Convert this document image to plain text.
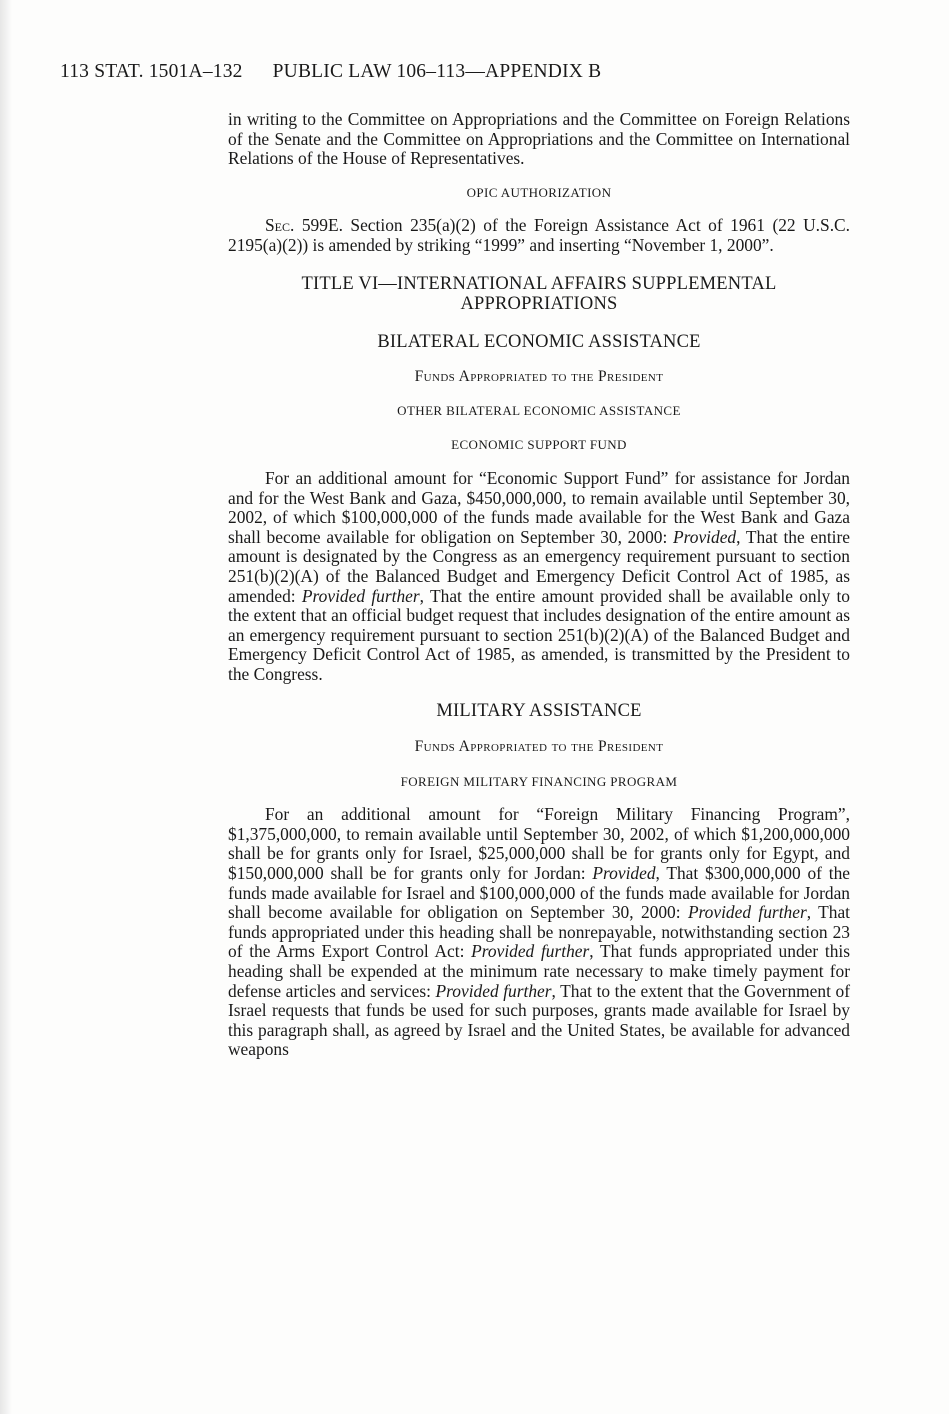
113 STAT. 1501A–132 PUBLIC LAW 106–113—APPENDIX B

in writing to the Committee on Appropriations and the Committee on Foreign Relations of the Senate and the Committee on Appropriations and the Committee on International Relations of the House of Representatives.

OPIC AUTHORIZATION

Sec. 599E. Section 235(a)(2) of the Foreign Assistance Act of 1961 (22 U.S.C. 2195(a)(2)) is amended by striking “1999” and inserting “November 1, 2000”.

TITLE VI—INTERNATIONAL AFFAIRS SUPPLEMENTAL

APPROPRIATIONS

BILATERAL ECONOMIC ASSISTANCE

Funds Appropriated to the President

OTHER BILATERAL ECONOMIC ASSISTANCE

ECONOMIC SUPPORT FUND

For an additional amount for “Economic Support Fund” for assistance for Jordan and for the West Bank and Gaza, $450,000,000, to remain available until September 30, 2002, of which $100,000,000 of the funds made available for the West Bank and Gaza shall become available for obligation on September 30, 2000: Provided, That the entire amount is designated by the Congress as an emergency requirement pursuant to section 251(b)(2)(A) of the Balanced Budget and Emergency Deficit Control Act of 1985, as amended: Provided further, That the entire amount provided shall be available only to the extent that an official budget request that includes designation of the entire amount as an emergency requirement pursuant to section 251(b)(2)(A) of the Balanced Budget and Emergency Deficit Control Act of 1985, as amended, is transmitted by the President to the Congress.

MILITARY ASSISTANCE

Funds Appropriated to the President

FOREIGN MILITARY FINANCING PROGRAM

For an additional amount for “Foreign Military Financing Program”, $1,375,000,000, to remain available until September 30, 2002, of which $1,200,000,000 shall be for grants only for Israel, $25,000,000 shall be for grants only for Egypt, and $150,000,000 shall be for grants only for Jordan: Provided, That $300,000,000 of the funds made available for Israel and $100,000,000 of the funds made available for Jordan shall become available for obligation on September 30, 2000: Provided further, That funds appropriated under this heading shall be nonrepayable, notwithstanding section 23 of the Arms Export Control Act: Provided further, That funds appropriated under this heading shall be expended at the minimum rate necessary to make timely payment for defense articles and services: Provided further, That to the extent that the Government of Israel requests that funds be used for such purposes, grants made available for Israel by this paragraph shall, as agreed by Israel and the United States, be available for advanced weapons
